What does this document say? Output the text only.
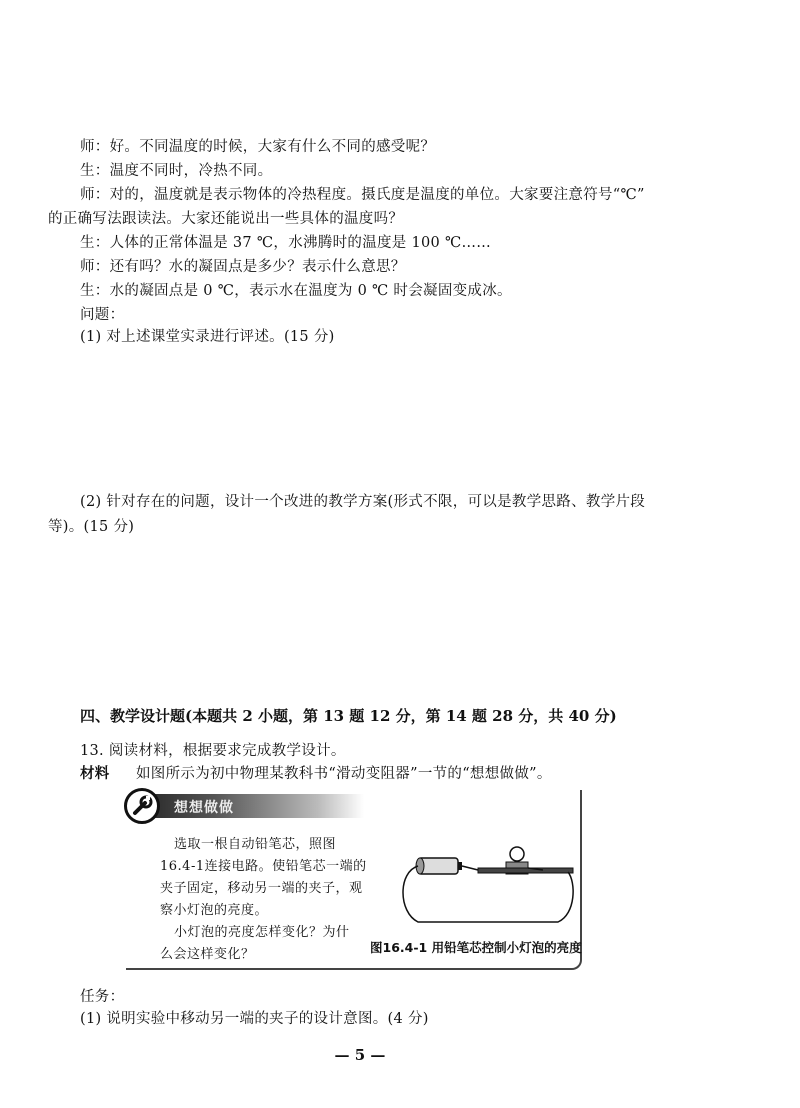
师：好。不同温度的时候，大家有什么不同的感受呢？
生：温度不同时，冷热不同。
师：对的，温度就是表示物体的冷热程度。摄氏度是温度的单位。大家要注意符号“℃”
的正确写法跟读法。大家还能说出一些具体的温度吗？
生：人体的正常体温是 37 ℃，水沸腾时的温度是 100 ℃……
师：还有吗？水的凝固点是多少？表示什么意思？
生：水的凝固点是 0 ℃，表示水在温度为 0 ℃ 时会凝固变成冰。
问题：
(1) 对上述课堂实录进行评述。(15 分)
(2) 针对存在的问题，设计一个改进的教学方案(形式不限，可以是教学思路、教学片段
等)。(15 分)
四、教学设计题(本题共 2 小题，第 13 题 12 分，第 14 题 28 分，共 40 分)
13. 阅读材料，根据要求完成教学设计。
材料 如图所示为初中物理某教科书“滑动变阻器”一节的“想想做做”。
想想做做
选取一根自动铅笔芯，照图
16.4-1连接电路。使铅笔芯一端的
夹子固定，移动另一端的夹子，观
察小灯泡的亮度。
小灯泡的亮度怎样变化？为什
么会这样变化？	图16.4-1 用铅笔芯控制小灯泡的亮度
任务：
(1) 说明实验中移动另一端的夹子的设计意图。(4 分)
— 5 —
